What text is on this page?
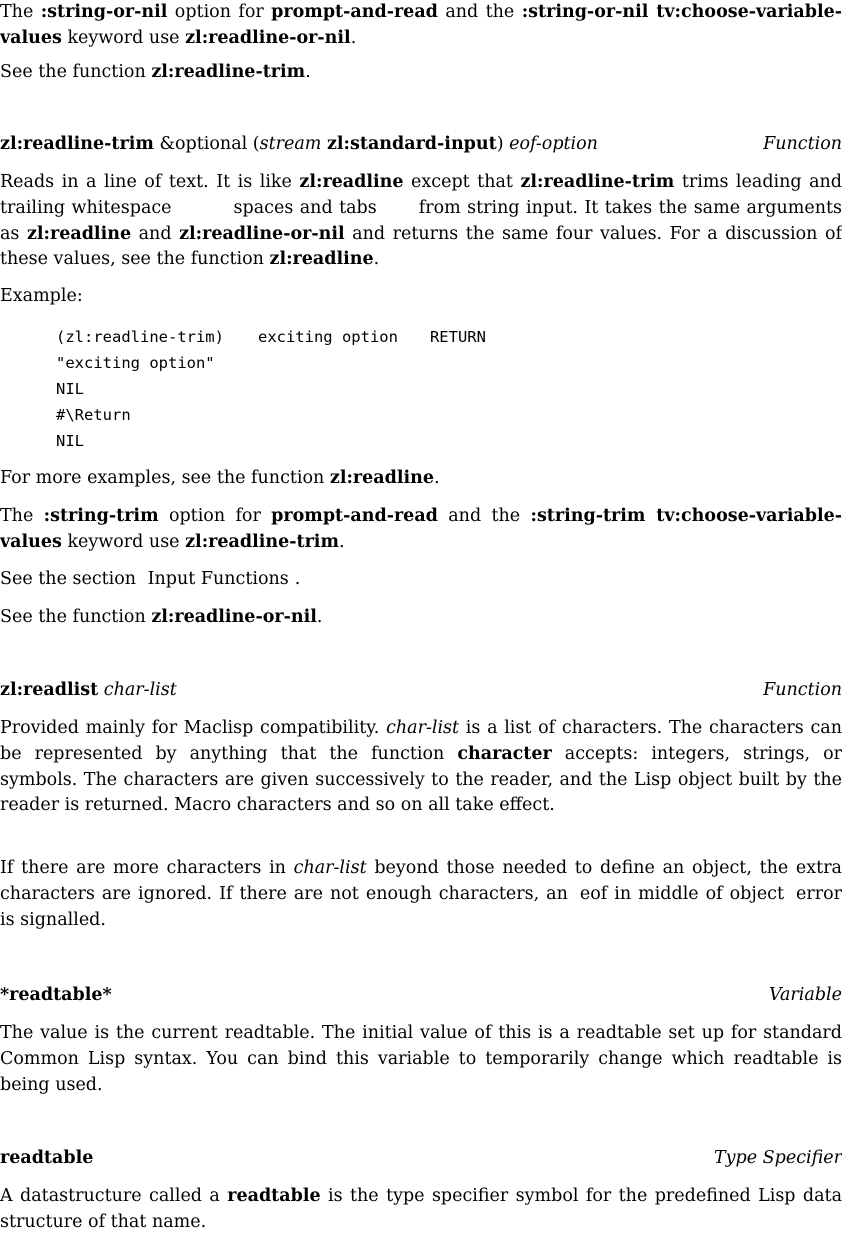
The :string-or-nil option for prompt-and-read and the :string-or-nil tv:choose-variable-values keyword use zl:readline-or-nil.

See the function zl:readline-trim.

zl:readline-trim &optional (stream zl:standard-input) eof-option	Function

Reads in a line of text. It is like zl:readline except that zl:readline-trim trims leading and trailing whitespace	spaces and tabs from string input. It takes the same arguments as zl:readline and zl:readline-or-nil and returns the same four values. For a discussion of these values, see the function zl:readline.

Example:

(zl:readline-trim) exciting option RETURN
"exciting option"
NIL
#\Return
NIL

For more examples, see the function zl:readline.

The :string-trim option for prompt-and-read and the :string-trim tv:choose-variable-values keyword use zl:readline-trim.

See the section Input Functions .

See the function zl:readline-or-nil.

zl:readlist char-list	Function

Provided mainly for Maclisp compatibility. char-list is a list of characters. The characters can be represented by anything that the function character accepts: integers, strings, or symbols. The characters are given successively to the reader, and the Lisp object built by the reader is returned. Macro characters and so on all take effect.

If there are more characters in char-list beyond those needed to define an object, the extra characters are ignored. If there are not enough characters, an eof in middle of object error is signalled.

*readtable*	Variable

The value is the current readtable. The initial value of this is a readtable set up for standard Common Lisp syntax. You can bind this variable to temporarily change which readtable is being used.

readtable	Type Specifier

A datastructure called a readtable is the type specifier symbol for the predefined Lisp data structure of that name.
